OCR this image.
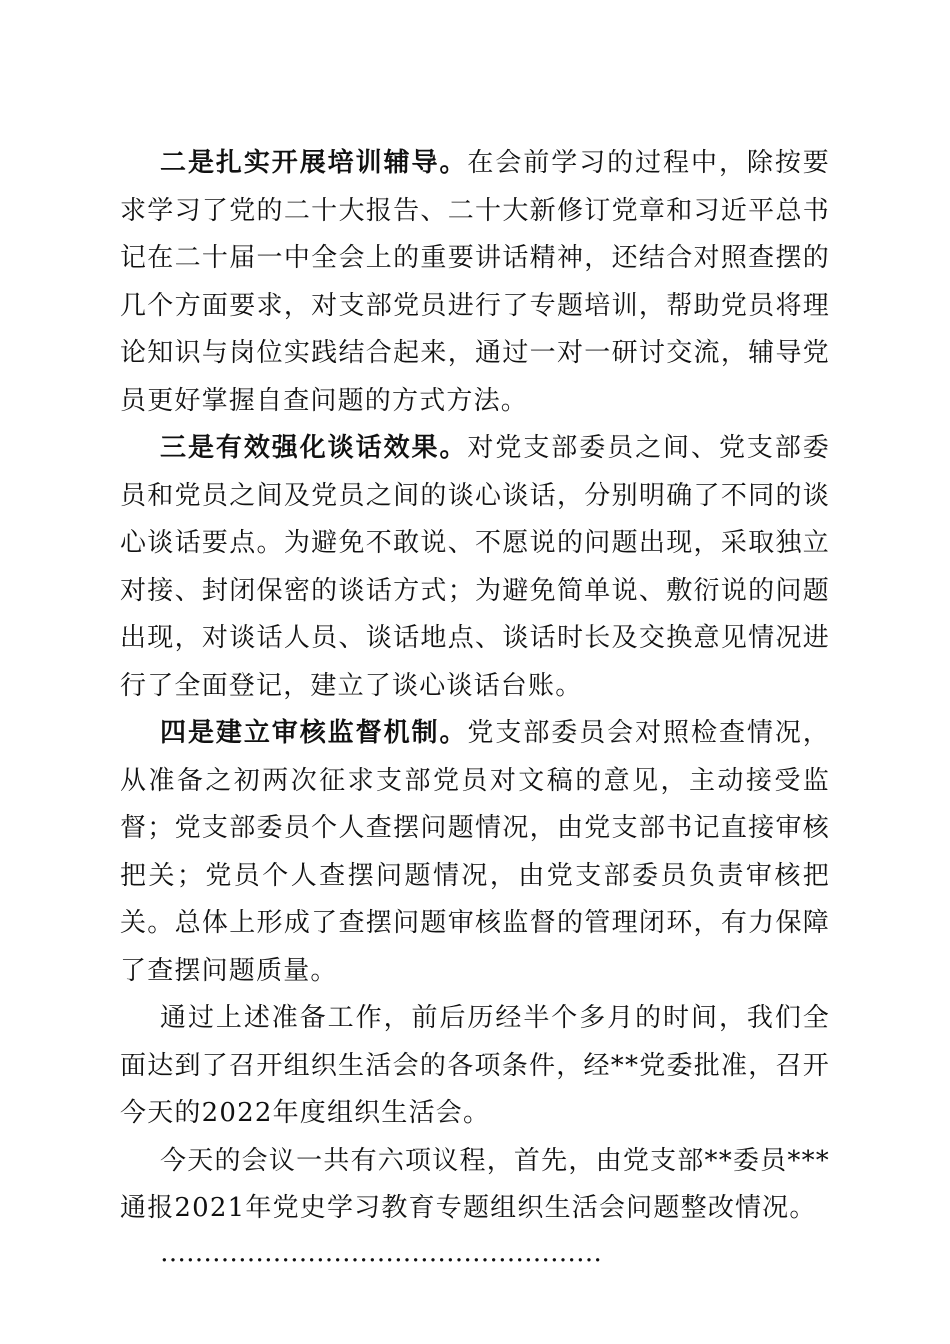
二是扎实开展培训辅导。在会前学习的过程中，除按要求学习了党的二十大报告、二十大新修订党章和习近平总书记在二十届一中全会上的重要讲话精神，还结合对照查摆的几个方面要求，对支部党员进行了专题培训，帮助党员将理论知识与岗位实践结合起来，通过一对一研讨交流，辅导党员更好掌握自查问题的方式方法。

三是有效强化谈话效果。对党支部委员之间、党支部委员和党员之间及党员之间的谈心谈话，分别明确了不同的谈心谈话要点。为避免不敢说、不愿说的问题出现，采取独立对接、封闭保密的谈话方式；为避免简单说、敷衍说的问题出现，对谈话人员、谈话地点、谈话时长及交换意见情况进行了全面登记，建立了谈心谈话台账。

四是建立审核监督机制。党支部委员会对照检查情况，从准备之初两次征求支部党员对文稿的意见，主动接受监督；党支部委员个人查摆问题情况，由党支部书记直接审核把关；党员个人查摆问题情况，由党支部委员负责审核把关。总体上形成了查摆问题审核监督的管理闭环，有力保障了查摆问题质量。

通过上述准备工作，前后历经半个多月的时间，我们全面达到了召开组织生活会的各项条件，经**党委批准，召开今天的2022年度组织生活会。

今天的会议一共有六项议程，首先，由党支部**委员***通报2021年党史学习教育专题组织生活会问题整改情况。

……………………………………………
